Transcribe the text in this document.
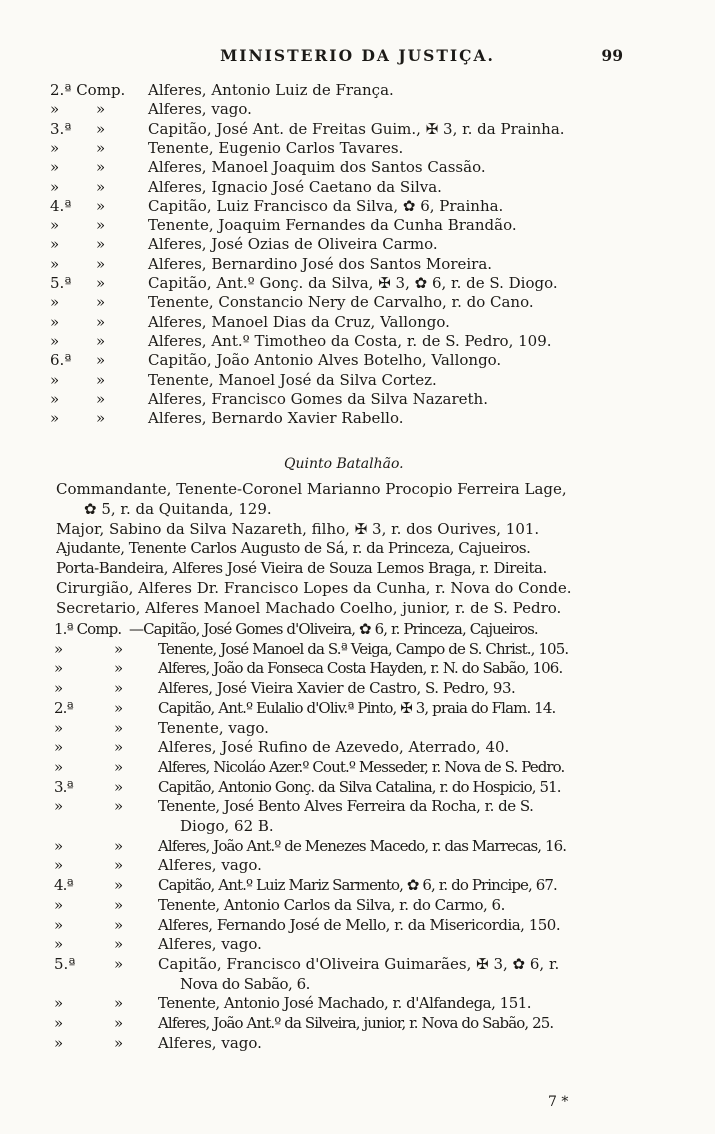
MINISTERIO DA JUSTIÇA.	99
2.ª Comp. Alferes, Antonio Luiz de França.
» »	Alferes, vago.
3.ª »	Capitão, José Ant. de Freitas Guim., ✠ 3, r. da Prainha.
» »	Tenente, Eugenio Carlos Tavares.
» »	Alferes, Manoel Joaquim dos Santos Cassão.
» »	Alferes, Ignacio José Caetano da Silva.
4.ª »	Capitão, Luiz Francisco da Silva, ✿ 6, Prainha.
» »	Tenente, Joaquim Fernandes da Cunha Brandão.
» »	Alferes, José Ozias de Oliveira Carmo.
» »	Alferes, Bernardino José dos Santos Moreira.
5.ª »	Capitão, Ant.º Gonç. da Silva, ✠ 3, ✿ 6, r. de S. Diogo.
» »	Tenente, Constancio Nery de Carvalho, r. do Cano.
» »	Alferes, Manoel Dias da Cruz, Vallongo.
» »	Alferes, Ant.º Timotheo da Costa, r. de S. Pedro, 109.
6.ª »	Capitão, João Antonio Alves Botelho, Vallongo.
» »	Tenente, Manoel José da Silva Cortez.
» »	Alferes, Francisco Gomes da Silva Nazareth.
» »	Alferes, Bernardo Xavier Rabello.
Quinto Batalhão.
Commandante, Tenente-Coronel Marianno Procopio Ferreira Lage,
✿ 5, r. da Quitanda, 129.
Major, Sabino da Silva Nazareth, filho, ✠ 3, r. dos Ourives, 101.
Ajudante, Tenente Carlos Augusto de Sá, r. da Princeza, Cajueiros.
Porta-Bandeira, Alferes José Vieira de Souza Lemos Braga, r. Direita.
Cirurgião, Alferes Dr. Francisco Lopes da Cunha, r. Nova do Conde.
Secretario, Alferes Manoel Machado Coelho, junior, r. de S. Pedro.
1.ª Comp. —Capitão, José Gomes d'Oliveira, ✿ 6, r. Princeza, Cajueiros.
»	» Tenente, José Manoel da S.ª Veiga, Campo de S. Christ., 105.
»	» Alferes, João da Fonseca Costa Hayden, r. N. do Sabão, 106.
»	» Alferes, José Vieira Xavier de Castro, S. Pedro, 93.
2.ª	» Capitão, Ant.º Eulalio d'Oliv.ª Pinto, ✠ 3, praia do Flam. 14.
»	» Tenente, vago.
»	» Alferes, José Rufino de Azevedo, Aterrado, 40.
»	» Alferes, Nicoláo Azer.º Cout.º Messeder, r. Nova de S. Pedro.
3.ª	» Capitão, Antonio Gonç. da Silva Catalina, r. do Hospicio, 51.
»	» Tenente, José Bento Alves Ferreira da Rocha, r. de S.
Diogo, 62 B.
»	» Alferes, João Ant.º de Menezes Macedo, r. das Marrecas, 16.
»	» Alferes, vago.
4.ª	» Capitão, Ant.º Luiz Mariz Sarmento, ✿ 6, r. do Principe, 67.
»	» Tenente, Antonio Carlos da Silva, r. do Carmo, 6.
»	» Alferes, Fernando José de Mello, r. da Misericordia, 150.
»	» Alferes, vago.
5.ª	» Capitão, Francisco d'Oliveira Guimarães, ✠ 3, ✿ 6, r.
Nova do Sabão, 6.
»	» Tenente, Antonio José Machado, r. d'Alfandega, 151.
»	» Alferes, João Ant.º da Silveira, junior, r. Nova do Sabão, 25.
»	» Alferes, vago.
7 *
